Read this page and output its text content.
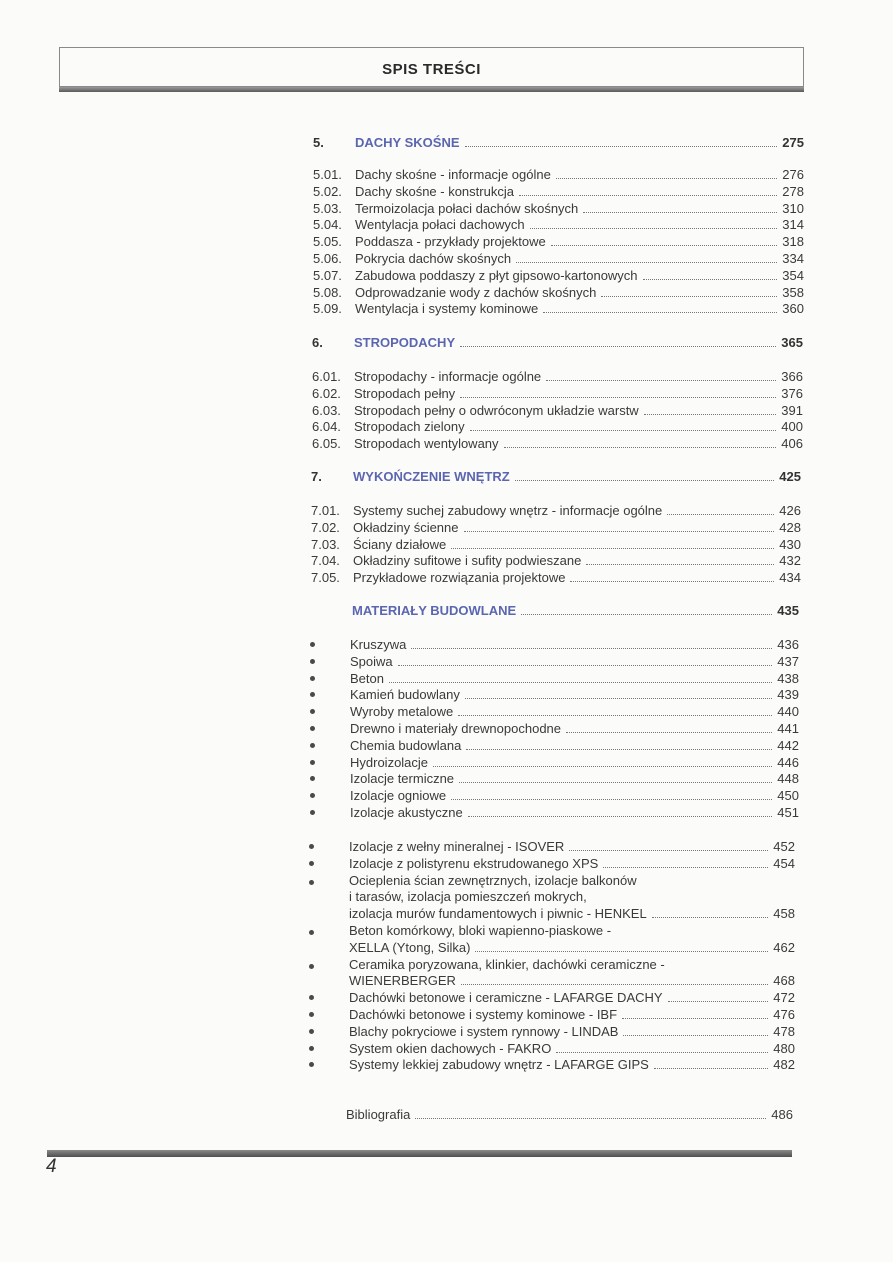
SPIS TREŚCI
5.	DACHY SKOŚNE	275
5.01.	Dachy skośne - informacje ogólne	276
5.02.	Dachy skośne - konstrukcja	278
5.03.	Termoizolacja połaci dachów skośnych	310
5.04.	Wentylacja połaci dachowych	314
5.05.	Poddasza - przykłady projektowe	318
5.06.	Pokrycia dachów skośnych	334
5.07.	Zabudowa poddaszy z płyt gipsowo-kartonowych	354
5.08.	Odprowadzanie wody z dachów skośnych	358
5.09.	Wentylacja i systemy kominowe	360
6.	STROPODACHY	365
6.01.	Stropodachy - informacje ogólne	366
6.02.	Stropodach pełny	376
6.03.	Stropodach pełny o odwróconym układzie warstw	391
6.04.	Stropodach zielony	400
6.05.	Stropodach wentylowany	406
7.	WYKOŃCZENIE WNĘTRZ	425
7.01.	Systemy suchej zabudowy wnętrz - informacje ogólne	426
7.02.	Okładziny ścienne	428
7.03.	Ściany działowe	430
7.04.	Okładziny sufitowe i sufity podwieszane	432
7.05.	Przykładowe rozwiązania projektowe	434
MATERIAŁY BUDOWLANE	435
Kruszywa	436
Spoiwa	437
Beton	438
Kamień budowlany	439
Wyroby metalowe	440
Drewno i materiały drewnopochodne	441
Chemia budowlana	442
Hydroizolacje	446
Izolacje termiczne	448
Izolacje ogniowe	450
Izolacje akustyczne	451
Izolacje z wełny mineralnej - ISOVER	452
Izolacje z polistyrenu ekstrudowanego XPS	454
Ocieplenia ścian zewnętrznych, izolacje balkonów
i tarasów, izolacja pomieszczeń mokrych,
izolacja murów fundamentowych i piwnic - HENKEL	458
Beton komórkowy, bloki wapienno-piaskowe -
XELLA (Ytong, Silka)	462
Ceramika poryzowana, klinkier, dachówki ceramiczne -
WIENERBERGER	468
Dachówki betonowe i ceramiczne - LAFARGE DACHY	472
Dachówki betonowe i systemy kominowe - IBF	476
Blachy pokryciowe i system rynnowy - LINDAB	478
System okien dachowych - FAKRO	480
Systemy lekkiej zabudowy wnętrz - LAFARGE GIPS	482
Bibliografia	486
4
